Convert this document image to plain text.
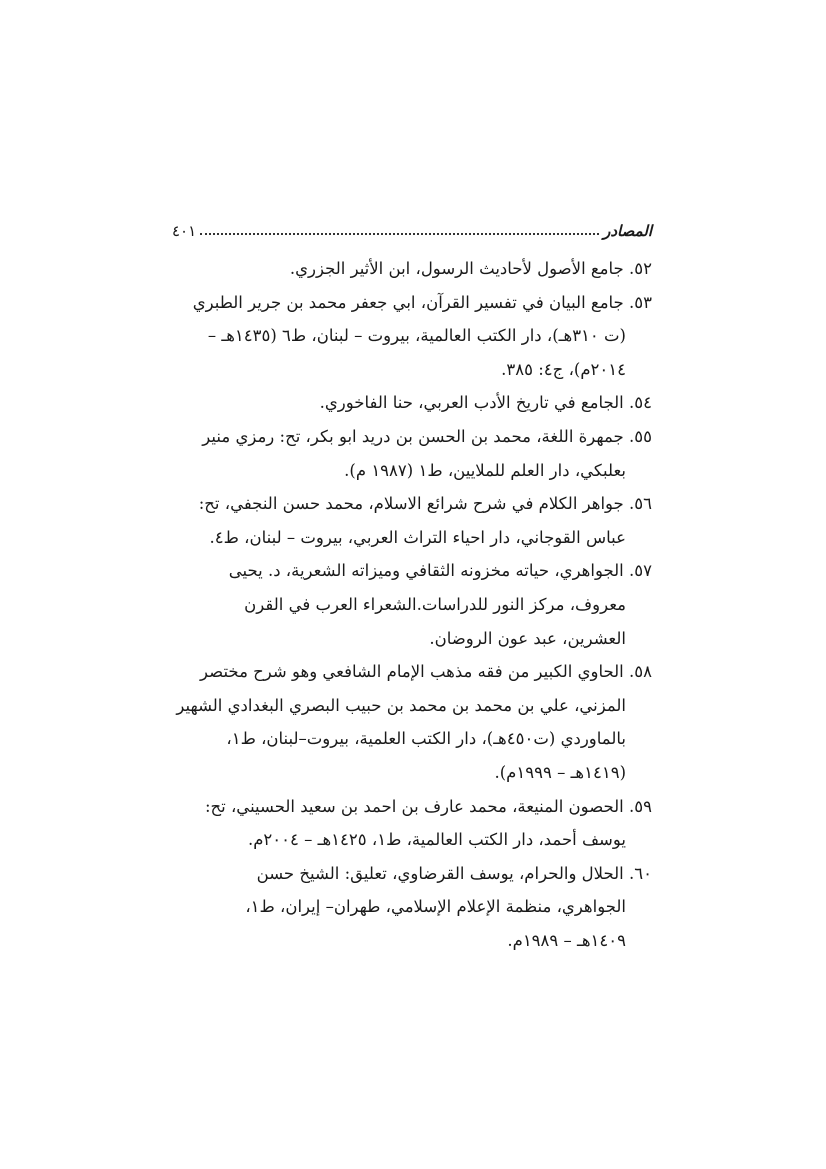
المصادر
٤٠١
٥٢. جامع الأصول لأحاديث الرسول، ابن الأثير الجزري.
٥٣. جامع البيان في تفسير القرآن، ابي جعفر محمد بن جرير الطبري
(ت ٣١٠هـ)، دار الكتب العالمية، بيروت – لبنان، ط٦ (١٤٣٥هـ –
٢٠١٤م)، ج٤: ٣٨٥.
٥٤. الجامع في تاريخ الأدب العربي، حنا الفاخوري.
٥٥. جمهرة اللغة، محمد بن الحسن بن دريد ابو بكر، تح: رمزي منير
بعلبكي، دار العلم للملايين، ط١ (١٩٨٧ م).
٥٦. جواهر الكلام في شرح شرائع الاسلام، محمد حسن النجفي، تح:
عباس القوجاني، دار احياء التراث العربي، بيروت – لبنان، ط٤.
٥٧. الجواهري، حياته مخزونه الثقافي وميزاته الشعرية، د. يحيى
معروف، مركز النور للدراسات.الشعراء العرب في القرن
العشرين، عبد عون الروضان.
٥٨. الحاوي الكبير من فقه مذهب الإمام الشافعي وهو شرح مختصر
المزني، علي بن محمد بن محمد بن حبيب البصري البغدادي الشهير
بالماوردي (ت٤٥٠هـ)، دار الكتب العلمية، بيروت–لبنان، ط١،
(١٤١٩هـ – ١٩٩٩م).
٥٩. الحصون المنيعة، محمد عارف بن احمد بن سعيد الحسيني، تح:
يوسف أحمد، دار الكتب العالمية، ط١، ١٤٢٥هـ – ٢٠٠٤م.
٦٠. الحلال والحرام، يوسف القرضاوي، تعليق: الشيخ حسن
الجواهري، منظمة الإعلام الإسلامي، طهران– إيران، ط١،
١٤٠٩هـ – ١٩٨٩م.
